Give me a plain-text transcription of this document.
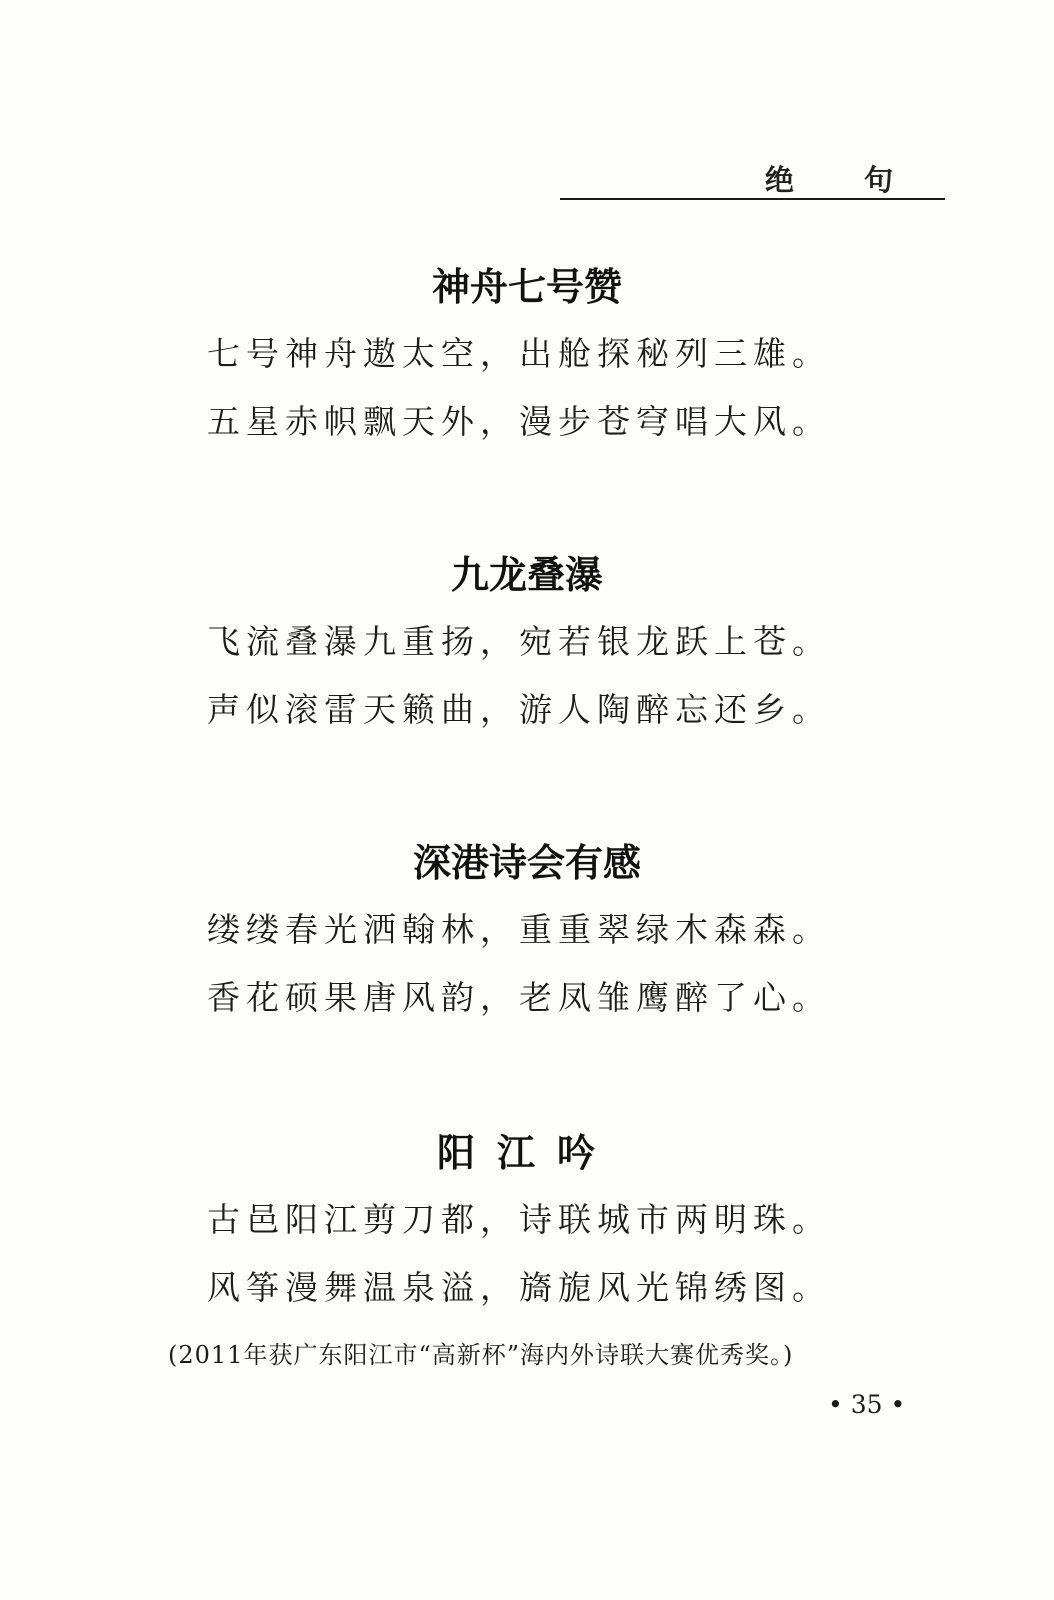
绝 句
神舟七号赞
七号神舟遨太空，出舱探秘列三雄。
五星赤帜飘天外，漫步苍穹唱大风。
九龙叠瀑
飞流叠瀑九重扬，宛若银龙跃上苍。
声似滚雷天籁曲，游人陶醉忘还乡。
深港诗会有感
缕缕春光洒翰林，重重翠绿木森森。
香花硕果唐风韵，老凤雏鹰醉了心。
阳江吟
古邑阳江剪刀都，诗联城市两明珠。
风筝漫舞温泉溢，旖旎风光锦绣图。
(2011年获广东阳江市“高新杯”海内外诗联大赛优秀奖。)
• 35 •
